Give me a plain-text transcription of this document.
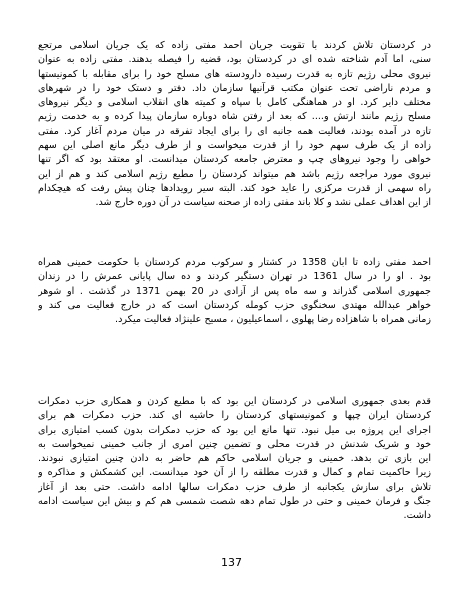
در کردستان تلاش کردند با تقویت جریان احمد مفتی زاده که یک جریان اسلامی مرتجع
سنی، اما آدم شناخته شده ای در کردستان بود، قضیه را فیصله بدهند. مفتی زاده به عنوان
نیروی محلی رژیم تازه به قدرت رسیده دارودسته های مسلح خود را برای مقابله با کمونیستها
و مردم ناراضی تحت عنوان مکتب قرآنیها سازمان داد. دفتر و دستک خود را در شهرهای
مختلف دایر کرد. او در هماهنگی کامل با سپاه و کمیته های انقلاب اسلامی و دیگر نیروهای
مسلح رژیم مانند ارتش و.... که بعد از رفتن شاه دوباره سازمان پیدا کرده و به خدمت رژیم
تازه در آمده بودند، فعالیت همه جانبه ای را برای ایجاد تفرقه در میان مردم آغاز کرد. مفتی
زاده از یک طرف سهم خود را از قدرت میخواست و از طرف دیگر مانع اصلی این سهم
خواهی را وجود نیروهای چپ و معترض جامعه کردستان میدانست. او معتقد بود که اگر تنها
نیروی مورد مراجعه رژیم باشد هم میتواند کردستان را مطیع رژیم اسلامی کند و هم از این
راه سهمی از قدرت مرکزی را عاید خود کند. البته سیر رویدادها چنان پیش رفت که هیچکدام
از این اهداف عملی نشد و کلا باند مفتی زاده از صحنه سیاست در آن دوره خارج شد.
احمد مفتی زاده تا ابان 1358 در کشتار و سرکوب مردم کردستان با حکومت خمینی همراه
بود . او را در سال 1361 در تهران دستگیر کردند و ده سال پایانی عمرش را در زندان
جمهوری اسلامی گذراند و سه ماه پس از آزادی در 20 بهمن 1371 در گذشت . او شوهر
خواهر عبدالله مهتدی سخنگوی حزب کومله کردستان است که در خارج فعالیت می کند و
زمانی همراه با شاهزاده رضا پهلوی ، اسماعیلیون ، مسیح علینژاد فعالیت میکرد.
قدم بعدی جمهوری اسلامی در کردستان این بود که با مطیع کردن و همکاری حزب دمکرات
کردستان ایران چپها و کمونیستهای کردستان را حاشیه ای کند. حزب دمکرات هم برای
اجرای این پروژه بی میل نبود. تنها مانع این بود که حزب دمکرات بدون کسب امتیازی برای
خود و شریک شدنش در قدرت محلی و تضمین چنین امری از جانب خمینی نمیخواست به
این بازی تن بدهد. خمینی و جریان اسلامی حاکم هم حاضر به دادن چنین امتیازی نبودند.
زیرا حاکمیت تمام و کمال و قدرت مطلقه را از آن خود میدانست. این کشمکش و مذاکره و
تلاش برای سازش یکجانبه از طرف حزب دمکرات سالها ادامه داشت. حتی بعد از آغاز
جنگ و فرمان خمینی و حتی در طول تمام دهه شصت شمسی هم کم و بیش این سیاست ادامه
داشت.
137
